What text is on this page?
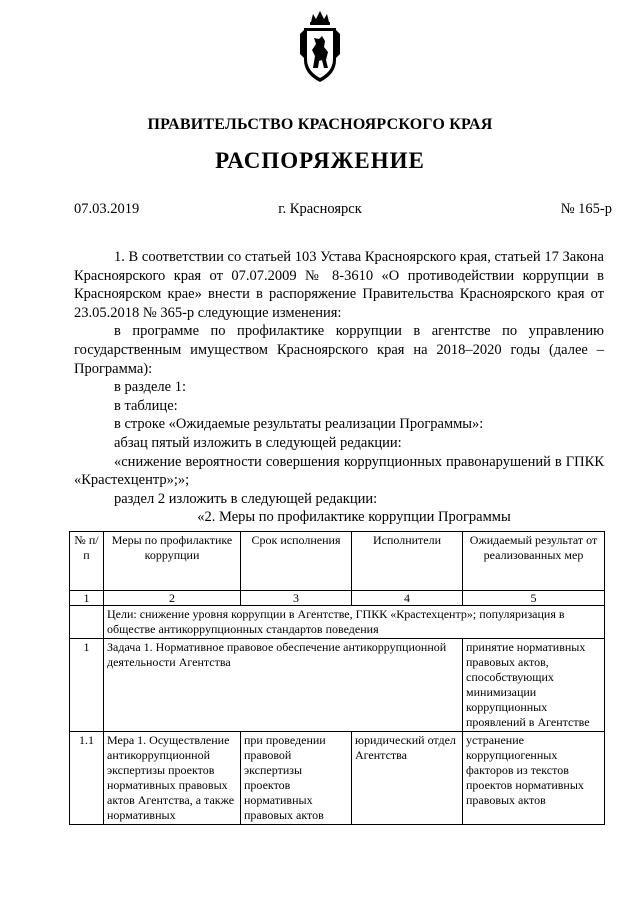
ПРАВИТЕЛЬСТВО КРАСНОЯРСКОГО КРАЯ
РАСПОРЯЖЕНИЕ
07.03.2019	г. Красноярск	№ 165-р

1. В соответствии со статьей 103 Устава Красноярского края, статьей 17 Закона Красноярского края от 07.07.2009 № 8-3610 «О противодействии коррупции в Красноярском крае» внести в распоряжение Правительства Красноярского края от 23.05.2018 № 365-р следующие изменения:

в программе по профилактике коррупции в агентстве по управлению государственным имуществом Красноярского края на 2018–2020 годы (далее – Программа):

в разделе 1:

в таблице:

в строке «Ожидаемые результаты реализации Программы»:

абзац пятый изложить в следующей редакции:

«снижение вероятности совершения коррупционных правонарушений в ГПКК «Крастехцентр»;»;

раздел 2 изложить в следующей редакции:

«2. Меры по профилактике коррупции Программы

№ п/п	Меры по профилактике коррупции	Срок исполнения	Исполнители	Ожидаемый результат от реализованных мер
1	2	3	4	5
	Цели: снижение уровня коррупции в Агентстве, ГПКК «Крастехцентр»; популяризация в обществе антикоррупционных стандартов поведения			
1	Задача 1. Нормативное правовое обеспечение антикоррупционной деятельности Агентства			принятие нормативных правовых актов, способствующих минимизации коррупционных проявлений в Агентстве
1.1	Мера 1. Осуществление антикоррупционной экспертизы проектов нормативных правовых актов Агентства, а также нормативных	при проведении правовой экспертизы проектов нормативных правовых актов	юридический отдел Агентства	устранение коррупциогенных факторов из текстов проектов нормативных правовых актов
